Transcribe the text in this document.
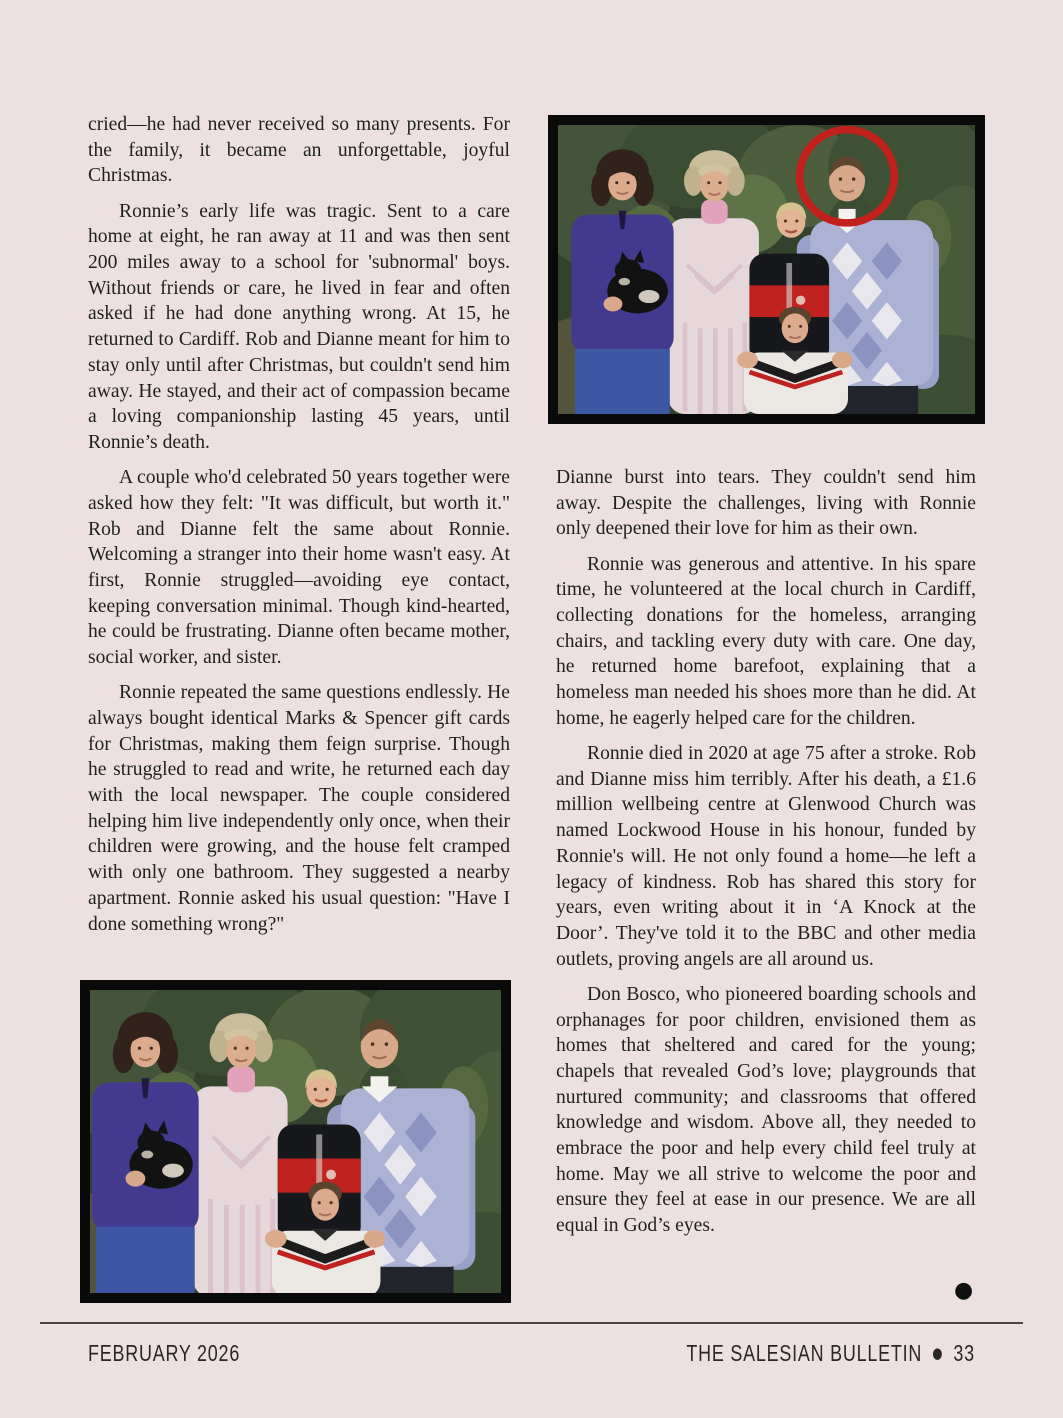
cried—he had never received so many presents. For the family, it became an unforgettable, joyful Christmas.

Ronnie’s early life was tragic. Sent to a care home at eight, he ran away at 11 and was then sent 200 miles away to a school for 'subnormal' boys. Without friends or care, he lived in fear and often asked if he had done anything wrong. At 15, he returned to Cardiff. Rob and Dianne meant for him to stay only until after Christmas, but couldn't send him away. He stayed, and their act of compassion became a loving companionship lasting 45 years, until Ronnie’s death.

A couple who'd celebrated 50 years together were asked how they felt: "It was difficult, but worth it." Rob and Dianne felt the same about Ronnie. Welcoming a stranger into their home wasn't easy. At first, Ronnie struggled—avoiding eye contact, keeping conversation minimal. Though kind-hearted, he could be frustrating. Dianne often became mother, social worker, and sister.

Ronnie repeated the same questions endlessly. He always bought identical Marks & Spencer gift cards for Christmas, making them feign surprise. Though he struggled to read and write, he returned each day with the local newspaper. The couple considered helping him live independently only once, when their children were growing, and the house felt cramped with only one bathroom. They suggested a nearby apartment. Ronnie asked his usual question: "Have I done something wrong?"

Dianne burst into tears. They couldn't send him away. Despite the challenges, living with Ronnie only deepened their love for him as their own.

Ronnie was generous and attentive. In his spare time, he volunteered at the local church in Cardiff, collecting donations for the homeless, arranging chairs, and tackling every duty with care. One day, he returned home barefoot, explaining that a homeless man needed his shoes more than he did. At home, he eagerly helped care for the children.

Ronnie died in 2020 at age 75 after a stroke. Rob and Dianne miss him terribly. After his death, a £1.6 million wellbeing centre at Glenwood Church was named Lockwood House in his honour, funded by Ronnie's will. He not only found a home—he left a legacy of kindness. Rob has shared this story for years, even writing about it in ‘A Knock at the Door’. They've told it to the BBC and other media outlets, proving angels are all around us.

Don Bosco, who pioneered boarding schools and orphanages for poor children, envisioned them as homes that sheltered and cared for the young; chapels that revealed God’s love; playgrounds that nurtured community; and classrooms that offered knowledge and wisdom. Above all, they needed to embrace the poor and help every child feel truly at home. May we all strive to welcome the poor and ensure they feel at ease in our presence. We are all equal in God’s eyes.

●
FEBRUARY 2026	THE SALESIAN BULLETIN ● 33
